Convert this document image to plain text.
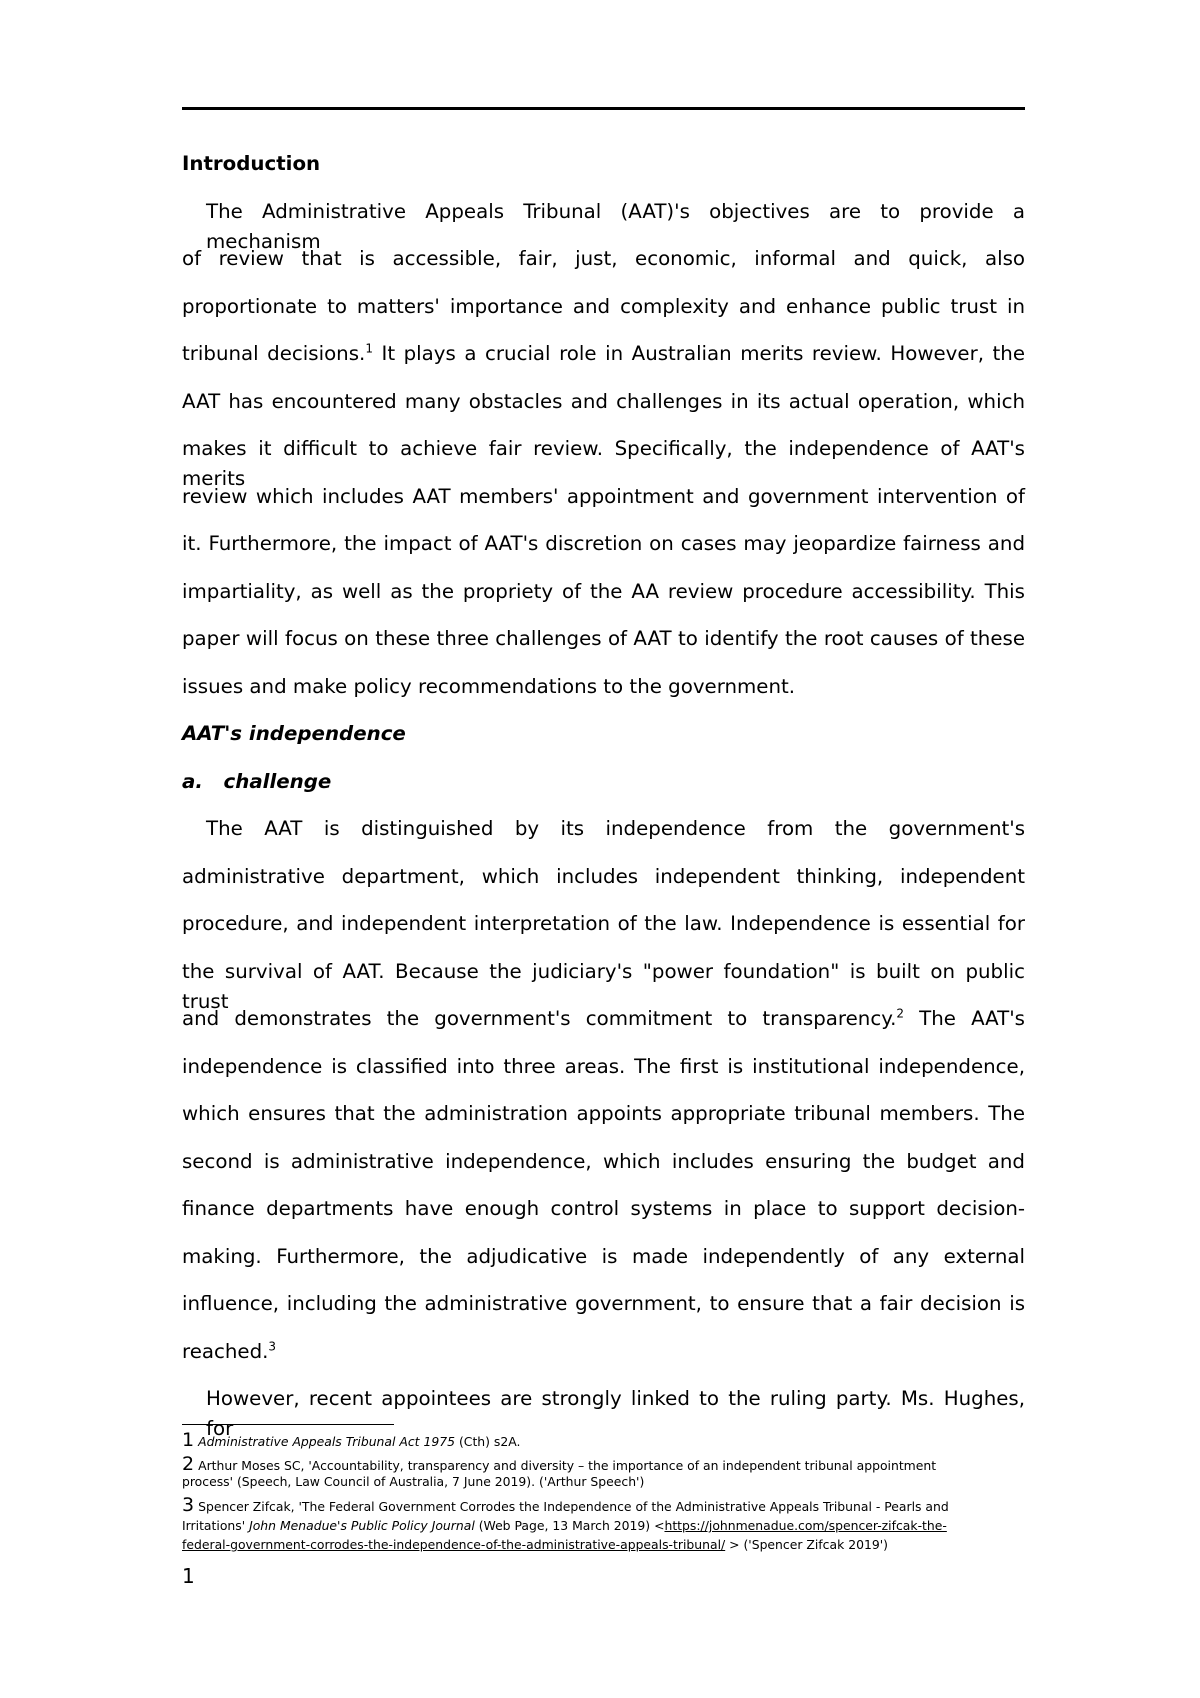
Introduction
The Administrative Appeals Tribunal (AAT)'s objectives are to provide a mechanism
of review that is accessible, fair, just, economic, informal and quick, also
proportionate to matters' importance and complexity and enhance public trust in
tribunal decisions.$^1$ It plays a crucial role in Australian merits review. However, the
AAT has encountered many obstacles and challenges in its actual operation, which
makes it difficult to achieve fair review. Specifically, the independence of AAT's merits
review which includes AAT members' appointment and government intervention of
it. Furthermore, the impact of AAT's discretion on cases may jeopardize fairness and
impartiality, as well as the propriety of the AA review procedure accessibility. This
paper will focus on these three challenges of AAT to identify the root causes of these
issues and make policy recommendations to the government.
AAT's independence
a.   challenge
The AAT is distinguished by its independence from the government's
administrative department, which includes independent thinking, independent
procedure, and independent interpretation of the law. Independence is essential for
the survival of AAT. Because the judiciary's "power foundation" is built on public trust
and demonstrates the government's commitment to transparency.$^2$ The AAT's
independence is classified into three areas. The first is institutional independence,
which ensures that the administration appoints appropriate tribunal members. The
second is administrative independence, which includes ensuring the budget and
finance departments have enough control systems in place to support decision-
making. Furthermore, the adjudicative is made independently of any external
influence, including the administrative government, to ensure that a fair decision is
reached.$^3$
However, recent appointees are strongly linked to the ruling party. Ms. Hughes, for
1 Administrative Appeals Tribunal Act 1975 (Cth) s2A.
2 Arthur Moses SC, 'Accountability, transparency and diversity – the importance of an independent tribunal appointment
process' (Speech, Law Council of Australia, 7 June 2019). ('Arthur Speech')
3 Spencer Zifcak, 'The Federal Government Corrodes the Independence of the Administrative Appeals Tribunal - Pearls and
Irritations' John Menadue's Public Policy Journal (Web Page, 13 March 2019) <https://johnmenadue.com/spencer-zifcak-the-
federal-government-corrodes-the-independence-of-the-administrative-appeals-tribunal/ > ('Spencer Zifcak 2019')
1
